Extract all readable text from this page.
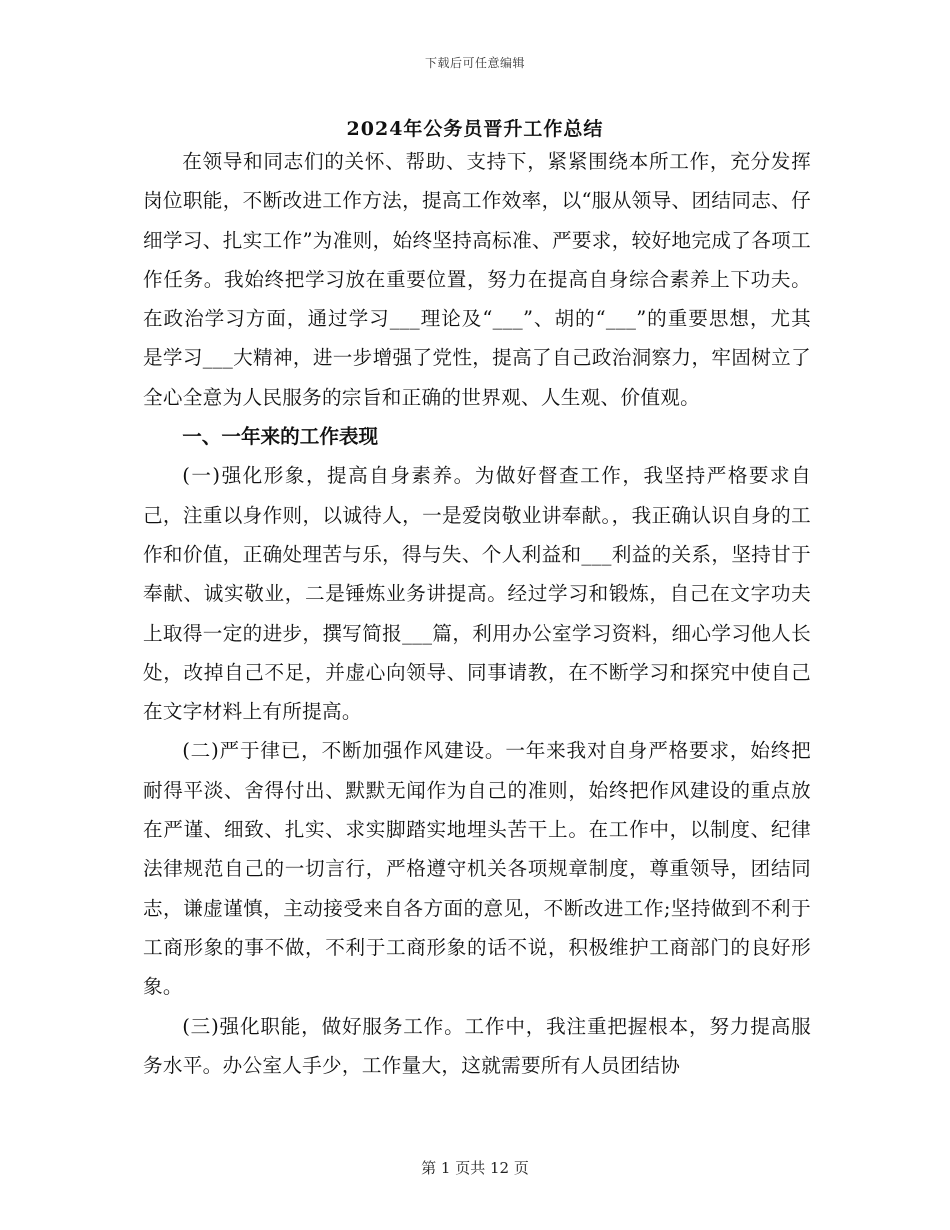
下载后可任意编辑
2024年公务员晋升工作总结

在领导和同志们的关怀、帮助、支持下，紧紧围绕本所工作，充分发挥岗位职能，不断改进工作方法，提高工作效率，以“服从领导、团结同志、仔细学习、扎实工作”为准则，始终坚持高标准、严要求，较好地完成了各项工作任务。我始终把学习放在重要位置，努力在提高自身综合素养上下功夫。在政治学习方面，通过学习___理论及“___”、胡的“___”的重要思想，尤其是学习___大精神，进一步增强了党性，提高了自己政治洞察力，牢固树立了全心全意为人民服务的宗旨和正确的世界观、人生观、价值观。

一、一年来的工作表现

(一)强化形象，提高自身素养。为做好督查工作，我坚持严格要求自己，注重以身作则，以诚待人，一是爱岗敬业讲奉献。，我正确认识自身的工作和价值，正确处理苦与乐，得与失、个人利益和___利益的关系，坚持甘于奉献、诚实敬业，二是锤炼业务讲提高。经过学习和锻炼，自己在文字功夫上取得一定的进步，撰写简报___篇，利用办公室学习资料，细心学习他人长处，改掉自己不足，并虚心向领导、同事请教，在不断学习和探究中使自己在文字材料上有所提高。

(二)严于律已，不断加强作风建设。一年来我对自身严格要求，始终把耐得平淡、舍得付出、默默无闻作为自己的准则，始终把作风建设的重点放在严谨、细致、扎实、求实脚踏实地埋头苦干上。在工作中，以制度、纪律法律规范自己的一切言行，严格遵守机关各项规章制度，尊重领导，团结同志，谦虚谨慎，主动接受来自各方面的意见，不断改进工作;坚持做到不利于工商形象的事不做，不利于工商形象的话不说，积极维护工商部门的良好形象。

(三)强化职能，做好服务工作。工作中，我注重把握根本，努力提高服务水平。办公室人手少，工作量大，这就需要所有人员团结协

第 1 页共 12 页
